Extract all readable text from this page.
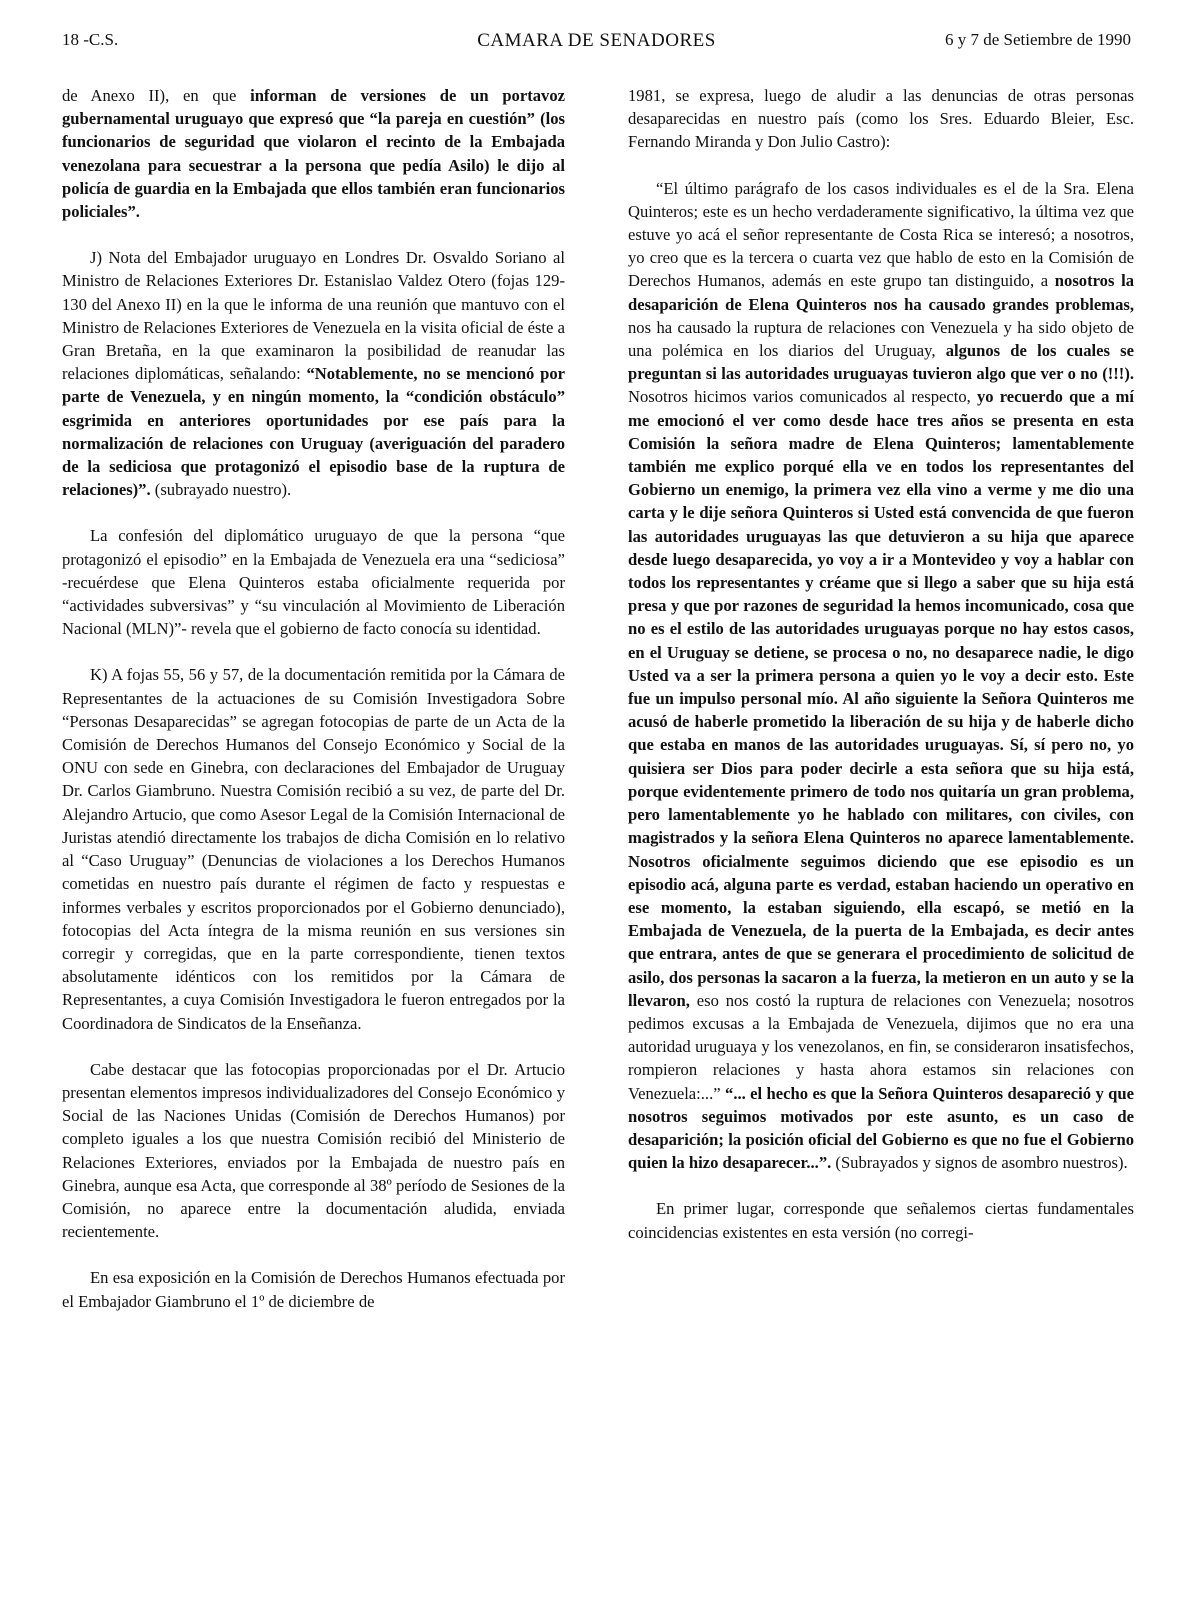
18 -C.S.	CAMARA DE SENADORES	6 y 7 de Setiembre de 1990

de Anexo II), en que informan de versiones de un portavoz gubernamental uruguayo que expresó que “la pareja en cuestión” (los funcionarios de seguridad que violaron el recinto de la Embajada venezolana para secuestrar a la persona que pedía Asilo) le dijo al policía de guardia en la Embajada que ellos también eran funcionarios policiales”.

J) Nota del Embajador uruguayo en Londres Dr. Osvaldo Soriano al Ministro de Relaciones Exteriores Dr. Estanislao Valdez Otero (fojas 129-130 del Anexo II) en la que le informa de una reunión que mantuvo con el Ministro de Relaciones Exteriores de Venezuela en la visita oficial de éste a Gran Bretaña, en la que examinaron la posibilidad de reanudar las relaciones diplomáticas, señalando: “Notablemente, no se mencionó por parte de Venezuela, y en ningún momento, la “condición obstáculo” esgrimida en anteriores oportunidades por ese país para la normalización de relaciones con Uruguay (averiguación del paradero de la sediciosa que protagonizó el episodio base de la ruptura de relaciones)”. (subrayado nuestro).

La confesión del diplomático uruguayo de que la persona “que protagonizó el episodio” en la Embajada de Venezuela era una “sediciosa” -recuérdese que Elena Quinteros estaba oficialmente requerida por “actividades subversivas” y “su vinculación al Movimiento de Liberación Nacional (MLN)”- revela que el gobierno de facto conocía su identidad.

K) A fojas 55, 56 y 57, de la documentación remitida por la Cámara de Representantes de la actuaciones de su Comisión Investigadora Sobre “Personas Desaparecidas” se agregan fotocopias de parte de un Acta de la Comisión de Derechos Humanos del Consejo Económico y Social de la ONU con sede en Ginebra, con declaraciones del Embajador de Uruguay Dr. Carlos Giambruno. Nuestra Comisión recibió a su vez, de parte del Dr. Alejandro Artucio, que como Asesor Legal de la Comisión Internacional de Juristas atendió directamente los trabajos de dicha Comisión en lo relativo al “Caso Uruguay” (Denuncias de violaciones a los Derechos Humanos cometidas en nuestro país durante el régimen de facto y respuestas e informes verbales y escritos proporcionados por el Gobierno denunciado), fotocopias del Acta íntegra de la misma reunión en sus versiones sin corregir y corregidas, que en la parte correspondiente, tienen textos absolutamente idénticos con los remitidos por la Cámara de Representantes, a cuya Comisión Investigadora le fueron entregados por la Coordinadora de Sindicatos de la Enseñanza.

Cabe destacar que las fotocopias proporcionadas por el Dr. Artucio presentan elementos impresos individualizadores del Consejo Económico y Social de las Naciones Unidas (Comisión de Derechos Humanos) por completo iguales a los que nuestra Comisión recibió del Ministerio de Relaciones Exteriores, enviados por la Embajada de nuestro país en Ginebra, aunque esa Acta, que corresponde al 38º período de Sesiones de la Comisión, no aparece entre la documentación aludida, enviada recientemente.

En esa exposición en la Comisión de Derechos Humanos efectuada por el Embajador Giambruno el 1º de diciembre de

1981, se expresa, luego de aludir a las denuncias de otras personas desaparecidas en nuestro país (como los Sres. Eduardo Bleier, Esc. Fernando Miranda y Don Julio Castro):

“El último parágrafo de los casos individuales es el de la Sra. Elena Quinteros; este es un hecho verdaderamente significativo, la última vez que estuve yo acá el señor representante de Costa Rica se interesó; a nosotros, yo creo que es la tercera o cuarta vez que hablo de esto en la Comisión de Derechos Humanos, además en este grupo tan distinguido, a nosotros la desaparición de Elena Quinteros nos ha causado grandes problemas, nos ha causado la ruptura de relaciones con Venezuela y ha sido objeto de una polémica en los diarios del Uruguay, algunos de los cuales se preguntan si las autoridades uruguayas tuvieron algo que ver o no (!!!). Nosotros hicimos varios comunicados al respecto, yo recuerdo que a mí me emocionó el ver como desde hace tres años se presenta en esta Comisión la señora madre de Elena Quinteros; lamentablemente también me explico porqué ella ve en todos los representantes del Gobierno un enemigo, la primera vez ella vino a verme y me dio una carta y le dije señora Quinteros si Usted está convencida de que fueron las autoridades uruguayas las que detuvieron a su hija que aparece desde luego desaparecida, yo voy a ir a Montevideo y voy a hablar con todos los representantes y créame que si llego a saber que su hija está presa y que por razones de seguridad la hemos incomunicado, cosa que no es el estilo de las autoridades uruguayas porque no hay estos casos, en el Uruguay se detiene, se procesa o no, no desaparece nadie, le digo Usted va a ser la primera persona a quien yo le voy a decir esto. Este fue un impulso personal mío. Al año siguiente la Señora Quinteros me acusó de haberle prometido la liberación de su hija y de haberle dicho que estaba en manos de las autoridades uruguayas. Sí, sí pero no, yo quisiera ser Dios para poder decirle a esta señora que su hija está, porque evidentemente primero de todo nos quitaría un gran problema, pero lamentablemente yo he hablado con militares, con civiles, con magistrados y la señora Elena Quinteros no aparece lamentablemente. Nosotros oficialmente seguimos diciendo que ese episodio es un episodio acá, alguna parte es verdad, estaban haciendo un operativo en ese momento, la estaban siguiendo, ella escapó, se metió en la Embajada de Venezuela, de la puerta de la Embajada, es decir antes que entrara, antes de que se generara el procedimiento de solicitud de asilo, dos personas la sacaron a la fuerza, la metieron en un auto y se la llevaron, eso nos costó la ruptura de relaciones con Venezuela; nosotros pedimos excusas a la Embajada de Venezuela, dijimos que no era una autoridad uruguaya y los venezolanos, en fin, se consideraron insatisfechos, rompieron relaciones y hasta ahora estamos sin relaciones con Venezuela:...” “... el hecho es que la Señora Quinteros desapareció y que nosotros seguimos motivados por este asunto, es un caso de desaparición; la posición oficial del Gobierno es que no fue el Gobierno quien la hizo desaparecer...”. (Subrayados y signos de asombro nuestros).

En primer lugar, corresponde que señalemos ciertas fundamentales coincidencias existentes en esta versión (no corregi-
